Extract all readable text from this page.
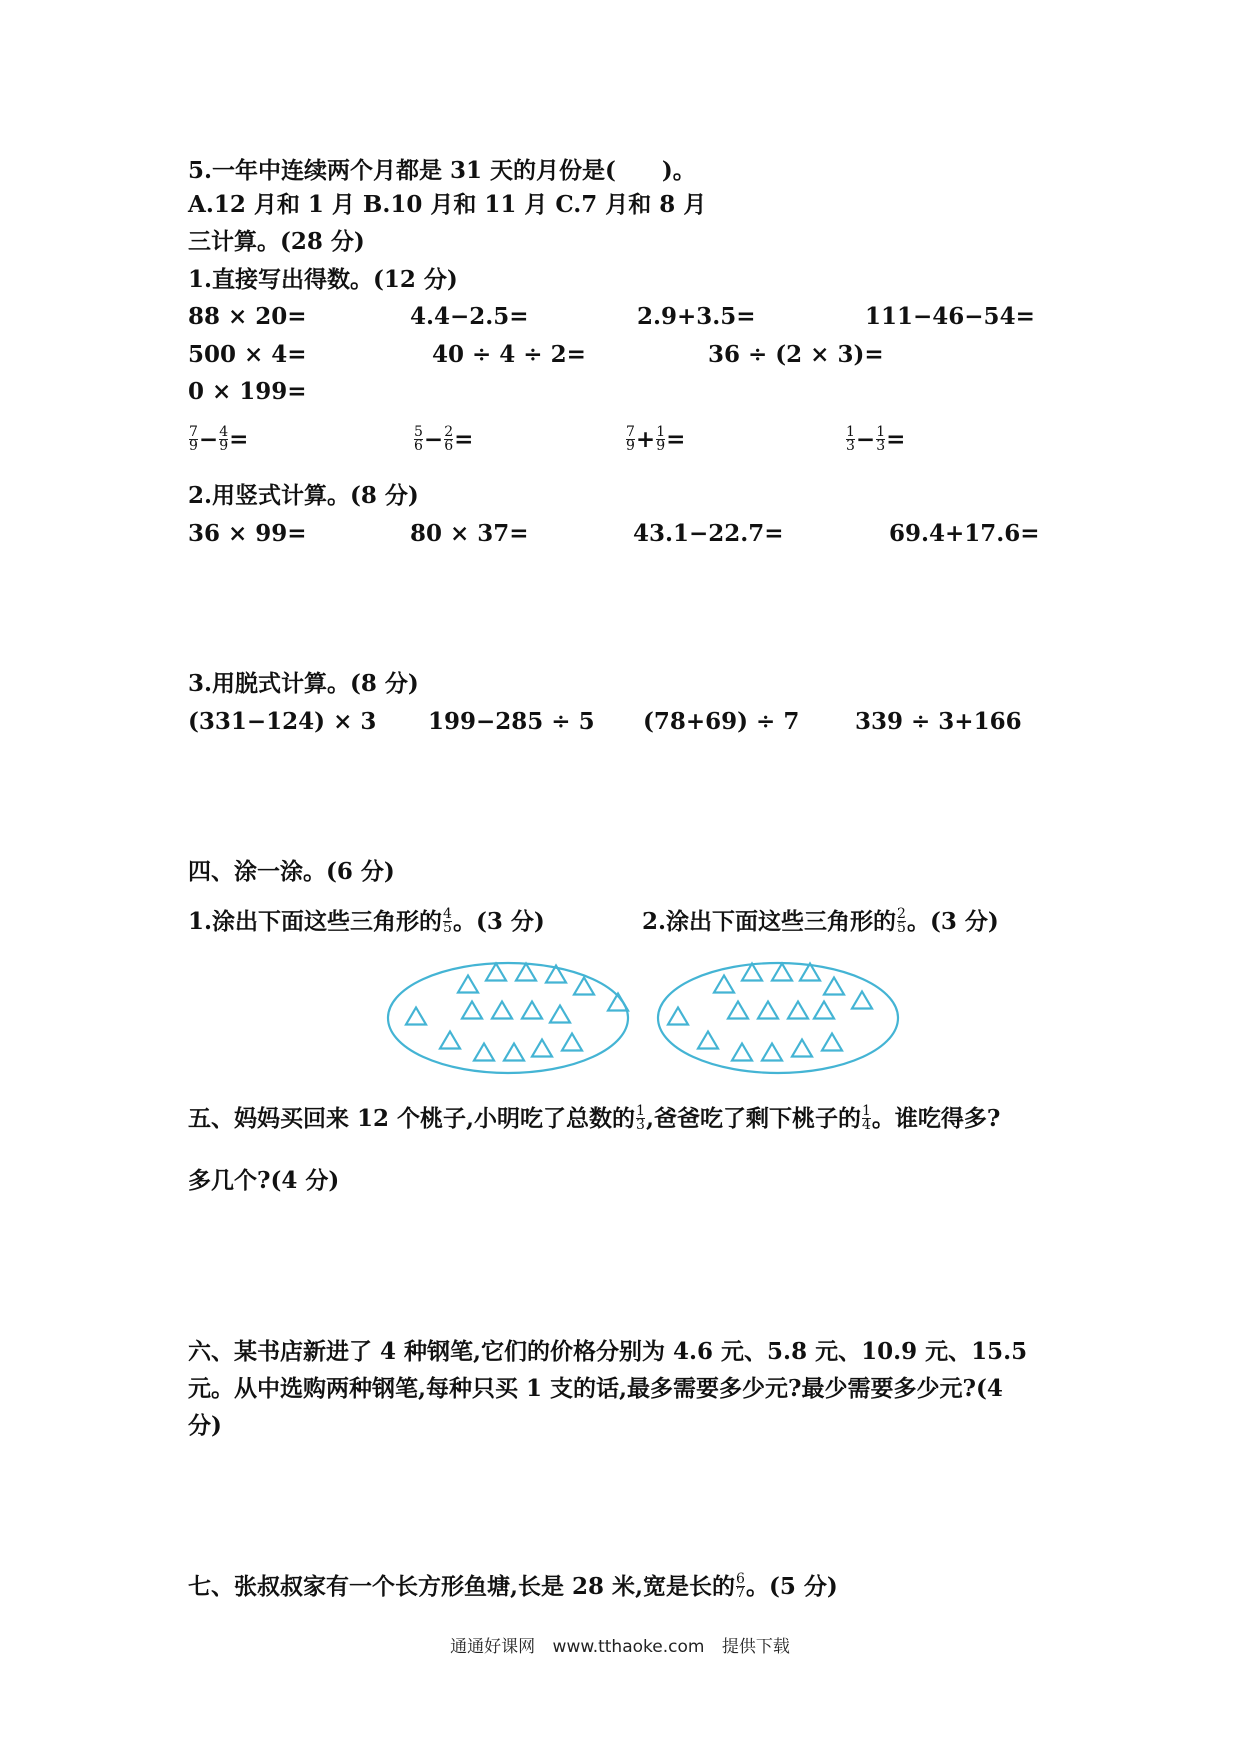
5.一年中连续两个月都是 31 天的月份是(　　)。
A.12 月和 1 月 B.10 月和 11 月 C.7 月和 8 月
三计算。(28 分)
1.直接写出得数。(12 分)
88 × 20=	4.4−2.5=	2.9+3.5=	111−46−54=
500 × 4=	40 ÷ 4 ÷ 2=	36 ÷ (2 × 3)=
0 × 199=
$\frac{7}{9} - \frac{4}{9}$ =	$\frac{5}{6} - \frac{2}{6}$ =	$\frac{7}{9} + \frac{1}{9}$ =	$\frac{1}{3} - \frac{1}{3}$ =
2.用竖式计算。(8 分)
36 × 99=	80 × 37=	43.1−22.7=	69.4+17.6=
3.用脱式计算。(8 分)
(331−124) × 3 199−285 ÷ 5 (78+69) ÷ 7 339 ÷ 3+166
四、涂一涂。(6 分)
1.涂出下面这些三角形的 $\frac{4}{5}$ 。(3 分)	2.涂出下面这些三角形的 $\frac{2}{5}$ 。(3 分)
五、妈妈买回来 12 个桃子,小明吃了总数的 $\frac{1}{3}$ ,爸爸吃了剩下桃子的 $\frac{1}{4}$ 。谁吃得多?
多几个?(4 分)
六、某书店新进了 4 种钢笔,它们的价格分别为 4.6 元、5.8 元、10.9 元、15.5
元。从中选购两种钢笔,每种只买 1 支的话,最多需要多少元?最少需要多少元?(4
分)
七、张叔叔家有一个长方形鱼塘,长是 28 米,宽是长的 $\frac{6}{7}$ 。(5 分)
通通好课网 www.tthaoke.com 提供下载
